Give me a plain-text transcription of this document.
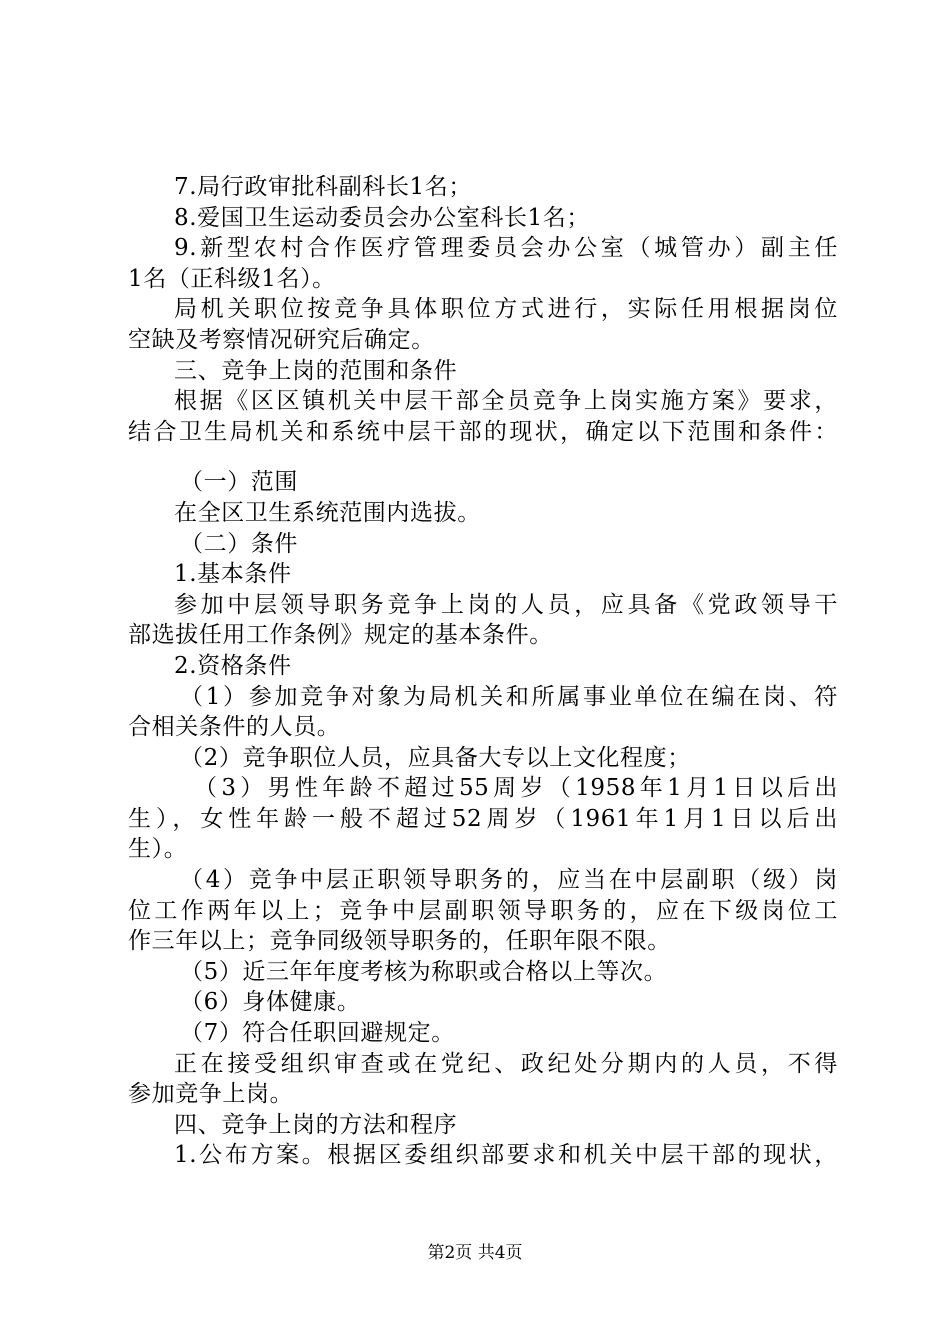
7.局行政审批科副科长1名；
8.爱国卫生运动委员会办公室科长1名；
9.新型农村合作医疗管理委员会办公室（城管办）副主任
1名（正科级1名）。
局机关职位按竞争具体职位方式进行，实际任用根据岗位
空缺及考察情况研究后确定。
三、竞争上岗的范围和条件
根据《区区镇机关中层干部全员竞争上岗实施方案》要求，
结合卫生局机关和系统中层干部的现状，确定以下范围和条件：
（一）范围
在全区卫生系统范围内选拔。
（二）条件
1.基本条件
参加中层领导职务竞争上岗的人员，应具备《党政领导干
部选拔任用工作条例》规定的基本条件。
2.资格条件
（1）参加竞争对象为局机关和所属事业单位在编在岗、符
合相关条件的人员。
（2）竞争职位人员，应具备大专以上文化程度；
（3）男性年龄不超过55周岁（1958年1月1日以后出
生），女性年龄一般不超过52周岁（1961年1月1日以后出
生）。
（4）竞争中层正职领导职务的，应当在中层副职（级）岗
位工作两年以上；竞争中层副职领导职务的，应在下级岗位工
作三年以上；竞争同级领导职务的，任职年限不限。
（5）近三年年度考核为称职或合格以上等次。
（6）身体健康。
（7）符合任职回避规定。
正在接受组织审查或在党纪、政纪处分期内的人员，不得
参加竞争上岗。
四、竞争上岗的方法和程序
1.公布方案。根据区委组织部要求和机关中层干部的现状，
第2页 共4页
